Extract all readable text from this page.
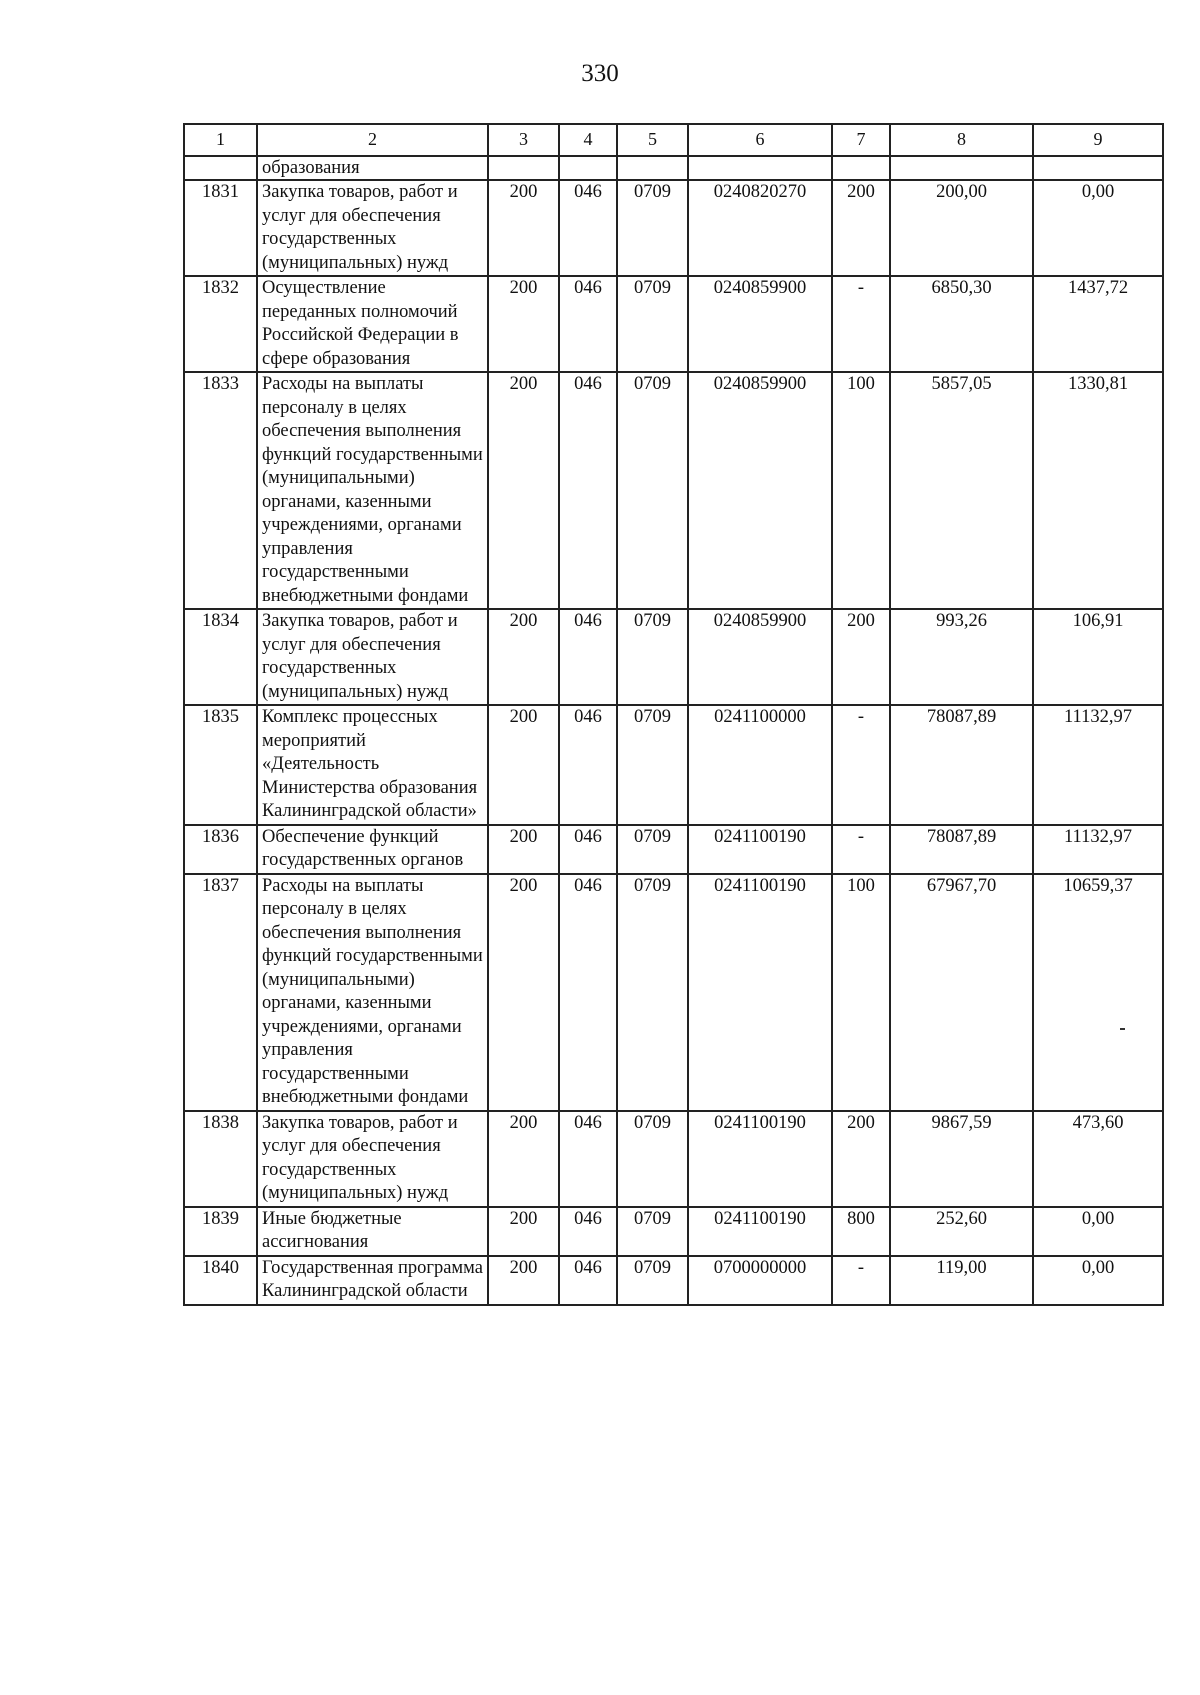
330
1	2	3	4	5	6	7	8	9
	образования							
1831	Закупка товаров, работ и услуг для обеспечения государственных (муниципальных) нужд	200	046	0709	0240820270	200	200,00	0,00
1832	Осуществление переданных полномочий Российской Федерации в сфере образования	200	046	0709	0240859900	-	6850,30	1437,72
1833	Расходы на выплаты персоналу в целях обеспечения выполнения функций государственными (муниципальными) органами, казенными учреждениями, органами управления государственными внебюджетными фондами	200	046	0709	0240859900	100	5857,05	1330,81
1834	Закупка товаров, работ и услуг для обеспечения государственных (муниципальных) нужд	200	046	0709	0240859900	200	993,26	106,91
1835	Комплекс процессных мероприятий «Деятельность Министерства образования Калининградской области»	200	046	0709	0241100000	-	78087,89	11132,97
1836	Обеспечение функций государственных органов	200	046	0709	0241100190	-	78087,89	11132,97
1837	Расходы на выплаты персоналу в целях обеспечения выполнения функций государственными (муниципальными) органами, казенными учреждениями, органами управления государственными внебюджетными фондами	200	046	0709	0241100190	100	67967,70	10659,37
1838	Закупка товаров, работ и услуг для обеспечения государственных (муниципальных) нужд	200	046	0709	0241100190	200	9867,59	473,60
1839	Иные бюджетные ассигнования	200	046	0709	0241100190	800	252,60	0,00
1840	Государственная программа Калининградской области	200	046	0709	0700000000	-	119,00	0,00
